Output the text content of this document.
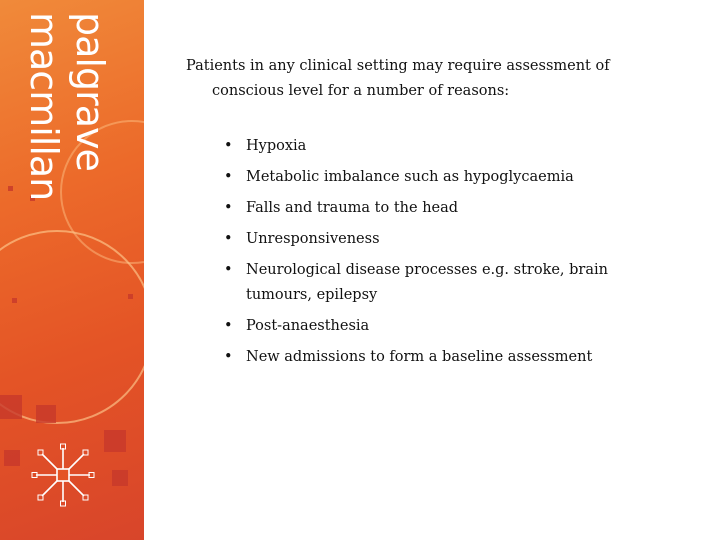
palgrave
macmillan	Patients in any clinical setting may require assessment of conscious level for a number of reasons:

• Hypoxia
• Metabolic imbalance such as hypoglycaemia
• Falls and trauma to the head
• Unresponsiveness
• Neurological disease processes e.g. stroke, brain tumours, epilepsy
• Post-anaesthesia
• New admissions to form a baseline assessment
